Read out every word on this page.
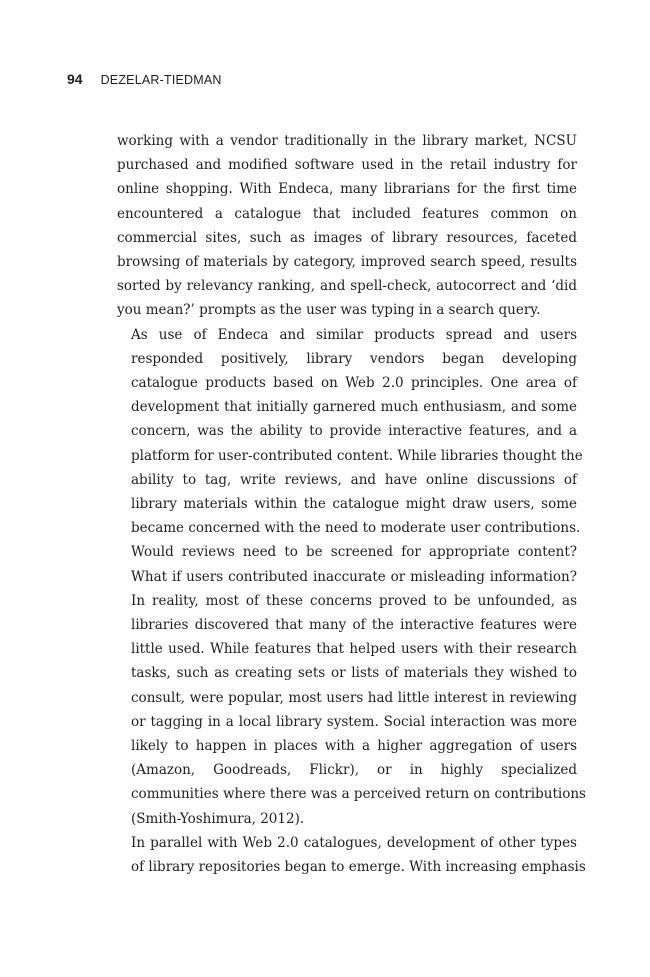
94 DEZELAR-TIEDMAN

working with a vendor traditionally in the library market, NCSU
purchased and modified software used in the retail industry for
online shopping. With Endeca, many librarians for the first time
encountered a catalogue that included features common on
commercial sites, such as images of library resources, faceted
browsing of materials by category, improved search speed, results
sorted by relevancy ranking, and spell-check, autocorrect and ‘did
you mean?’ prompts as the user was typing in a search query.

As use of Endeca and similar products spread and users
responded positively, library vendors began developing
catalogue products based on Web 2.0 principles. One area of
development that initially garnered much enthusiasm, and some
concern, was the ability to provide interactive features, and a
platform for user-contributed content. While libraries thought the
ability to tag, write reviews, and have online discussions of
library materials within the catalogue might draw users, some
became concerned with the need to moderate user contributions.
Would reviews need to be screened for appropriate content?
What if users contributed inaccurate or misleading information?
In reality, most of these concerns proved to be unfounded, as
libraries discovered that many of the interactive features were
little used. While features that helped users with their research
tasks, such as creating sets or lists of materials they wished to
consult, were popular, most users had little interest in reviewing
or tagging in a local library system. Social interaction was more
likely to happen in places with a higher aggregation of users
(Amazon, Goodreads, Flickr), or in highly specialized
communities where there was a perceived return on contributions
(Smith-Yoshimura, 2012).

In parallel with Web 2.0 catalogues, development of other types
of library repositories began to emerge. With increasing emphasis
